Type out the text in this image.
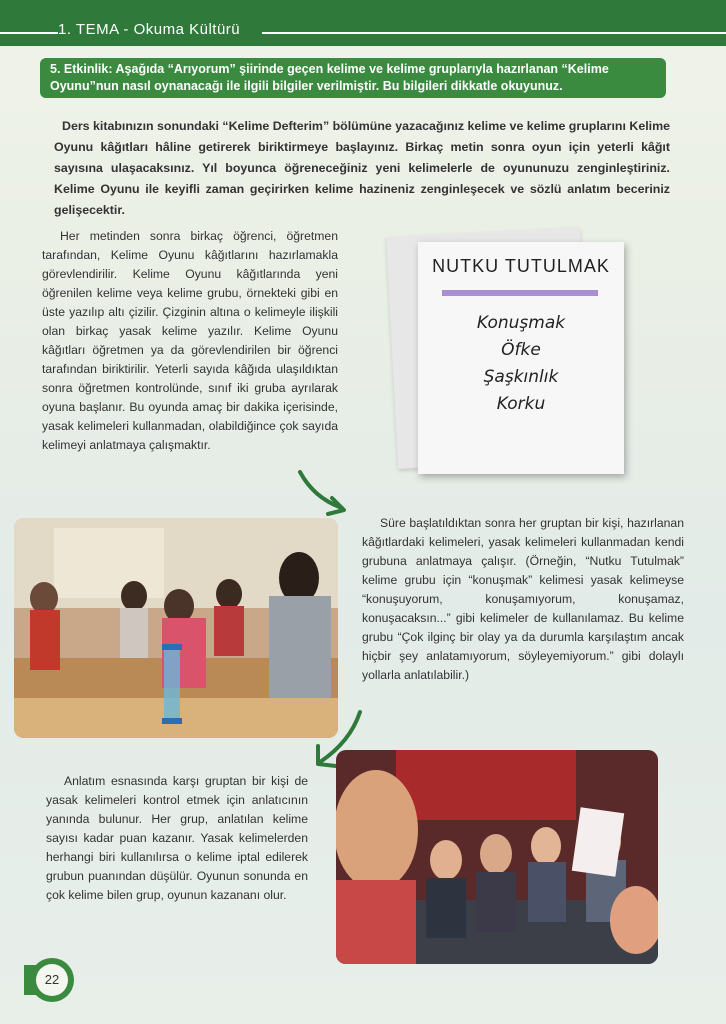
1. TEMA - Okuma Kültürü
5. Etkinlik: Aşağıda “Arıyorum” şiirinde geçen kelime ve kelime gruplarıyla hazırlanan “Kelime Oyunu”nun nasıl oynanacağı ile ilgili bilgiler verilmiştir. Bu bilgileri dikkatle okuyunuz.
Ders kitabınızın sonundaki “Kelime Defterim” bölümüne yazacağınız kelime ve kelime gruplarını Kelime Oyunu kâğıtları hâline getirerek biriktirmeye başlayınız. Birkaç metin sonra oyun için yeterli kâğıt sayısına ulaşacaksınız. Yıl boyunca öğreneceğiniz yeni kelimelerle de oyununuzu zenginleştiriniz. Kelime Oyunu ile keyifli zaman geçirirken kelime hazineniz zenginleşecek ve sözlü anlatım beceriniz gelişecektir.
Her metinden sonra birkaç öğrenci, öğretmen tarafından, Kelime Oyunu kâğıtlarını hazırlamakla görevlendirilir. Kelime Oyunu kâğıtlarında yeni öğrenilen kelime veya kelime grubu, örnekteki gibi en üste yazılıp altı çizilir. Çizginin altına o kelimeyle ilişkili olan birkaç yasak kelime yazılır. Kelime Oyunu kâğıtları öğretmen ya da görevlendirilen bir öğrenci tarafından biriktirilir. Yeterli sayıda kâğıda ulaşıldıktan sonra öğretmen kontrolünde, sınıf iki gruba ayrılarak oyuna başlanır. Bu oyunda amaç bir dakika içerisinde, yasak kelimeleri kullanmadan, olabildiğince çok sayıda kelimeyi anlatmaya çalışmaktır.
NUTKU TUTULMAK
Konuşmak
Öfke
Şaşkınlık
Korku
Süre başlatıldıktan sonra her gruptan bir kişi, hazırlanan kâğıtlardaki kelimeleri, yasak kelimeleri kullanmadan kendi grubuna anlatmaya çalışır. (Örneğin, “Nutku Tutulmak” kelime grubu için “konuşmak” kelimesi yasak kelimeyse “konuşuyorum, konuşamıyorum, konuşamaz, konuşacaksın...” gibi kelimeler de kullanılamaz. Bu kelime grubu “Çok ilginç bir olay ya da durumla karşılaştım ancak hiçbir şey anlatamıyorum, söyleyemiyorum.” gibi dolaylı yollarla anlatılabilir.)
Anlatım esnasında karşı gruptan bir kişi de yasak kelimeleri kontrol etmek için anlatıcının yanında bulunur. Her grup, anlatılan kelime sayısı kadar puan kazanır. Yasak kelimelerden herhangi biri kullanılırsa o kelime iptal edilerek grubun puanından düşülür. Oyunun sonunda en çok kelime bilen grup, oyunun kazananı olur.
22
